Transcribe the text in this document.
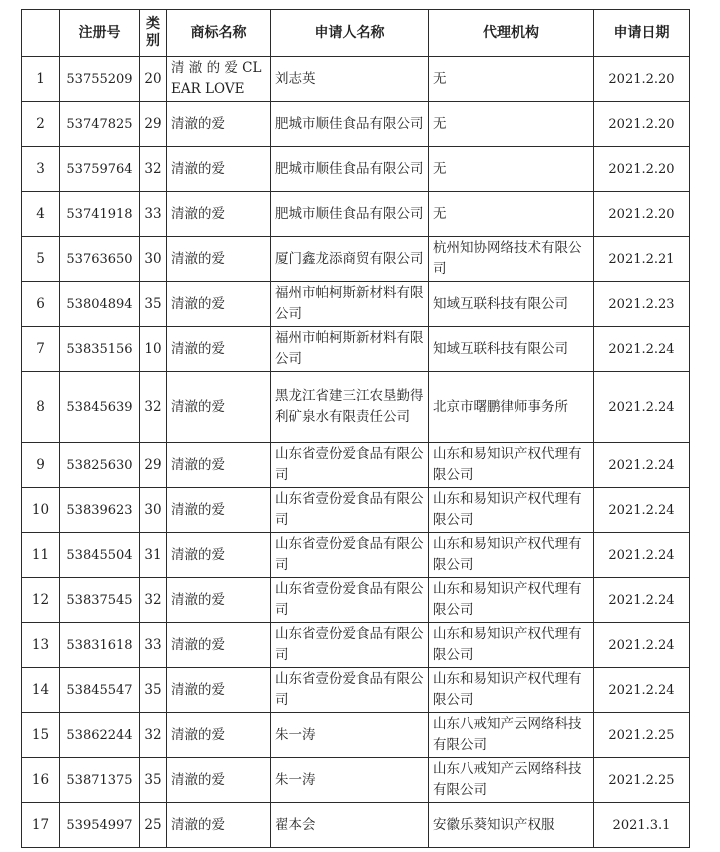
	注册号	类别	商标名称	申请人名称	代理机构	申请日期
1	53755209	20	清 澈 的 爱 CLEAR LOVE	刘志英	无	2021.2.20
2	53747825	29	清澈的爱	肥城市顺佳食品有限公司	无	2021.2.20
3	53759764	32	清澈的爱	肥城市顺佳食品有限公司	无	2021.2.20
4	53741918	33	清澈的爱	肥城市顺佳食品有限公司	无	2021.2.20
5	53763650	30	清澈的爱	厦门鑫龙添商贸有限公司	杭州知协网络技术有限公司	2021.2.21
6	53804894	35	清澈的爱	福州市帕柯斯新材料有限公司	知域互联科技有限公司	2021.2.23
7	53835156	10	清澈的爱	福州市帕柯斯新材料有限公司	知域互联科技有限公司	2021.2.24
8	53845639	32	清澈的爱	黑龙江省建三江农垦勤得利矿泉水有限责任公司	北京市曙鹏律师事务所	2021.2.24
9	53825630	29	清澈的爱	山东省壹份爱食品有限公司	山东和易知识产权代理有限公司	2021.2.24
10	53839623	30	清澈的爱	山东省壹份爱食品有限公司	山东和易知识产权代理有限公司	2021.2.24
11	53845504	31	清澈的爱	山东省壹份爱食品有限公司	山东和易知识产权代理有限公司	2021.2.24
12	53837545	32	清澈的爱	山东省壹份爱食品有限公司	山东和易知识产权代理有限公司	2021.2.24
13	53831618	33	清澈的爱	山东省壹份爱食品有限公司	山东和易知识产权代理有限公司	2021.2.24
14	53845547	35	清澈的爱	山东省壹份爱食品有限公司	山东和易知识产权代理有限公司	2021.2.24
15	53862244	32	清澈的爱	朱一涛	山东八戒知产云网络科技有限公司	2021.2.25
16	53871375	35	清澈的爱	朱一涛	山东八戒知产云网络科技有限公司	2021.2.25
17	53954997	25	清澈的爱	翟本会	安徽乐葵知识产权服	2021.3.1
